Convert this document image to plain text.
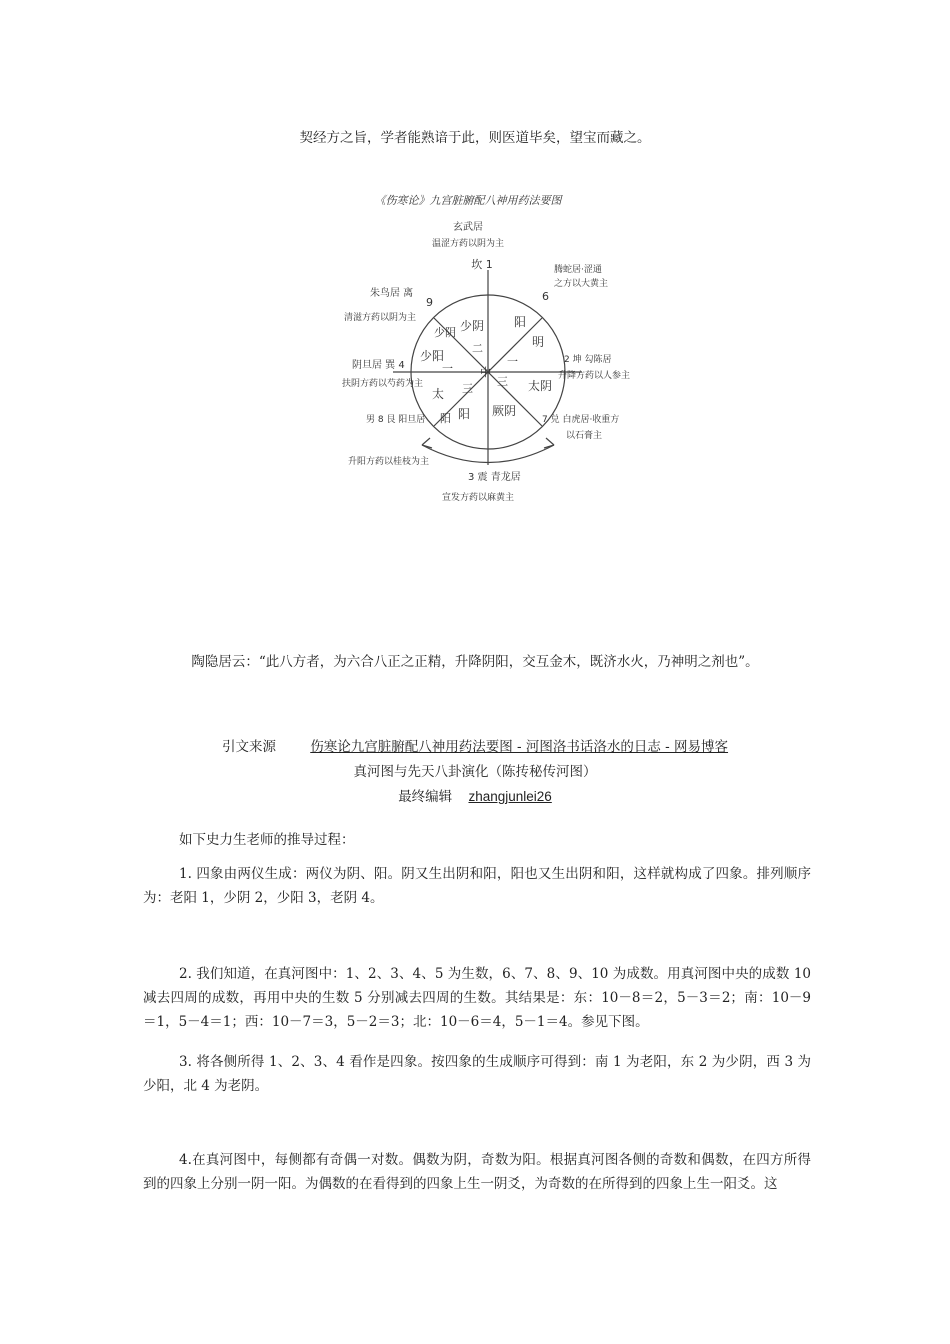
契经方之旨，学者能熟谙于此，则医道毕矣，望宝而藏之。
《伤寒论》九宫脏腑配八神用药法要图
玄武居
温涩方药以阴为主
坎 1
少阴
二
阳
明
一
太阴
三
厥阴
阳
三
太
阳
少阳
一
少阴
中
6
腾蛇居·涩通
之方以大黄主
9
朱鸟居 离
清滋方药以阴为主
阴旦居 巽 4
扶阴方药以芍药为主
2 坤 勾陈居
升降方药以人参主
7 兑 白虎居·收重方
以石膏主
男 8 艮 阳旦居
升阳方药以桂枝为主
3 震 青龙居
宣发方药以麻黄主
陶隐居云：“此八方者，为六合八正之正精，升降阴阳，交互金木，既济水火，乃神明之剂也”。
引文来源	伤寒论九宫脏腑配八神用药法要图 - 河图洛书话洛水的日志 - 网易博客
真河图与先天八卦演化（陈抟秘传河图）
最终编辑 zhangjunlei26
如下史力生老师的推导过程：
1. 四象由两仪生成：两仪为阴、阳。阴又生出阴和阳，阳也又生出阴和阳，这样就构成了四象。排列顺序为：老阳 1，少阴 2，少阳 3，老阴 4。
2. 我们知道，在真河图中：1、2、3、4、5 为生数，6、7、8、9、10 为成数。用真河图中央的成数 10 减去四周的成数，再用中央的生数 5 分别减去四周的生数。其结果是：东：10－8＝2，5－3＝2；南：10－9＝1，5－4＝1；西：10－7＝3，5－2＝3；北：10－6＝4，5－1＝4。参见下图。
3. 将各侧所得 1、2、3、4 看作是四象。按四象的生成顺序可得到：南 1 为老阳，东 2 为少阴，西 3 为少阳，北 4 为老阴。
4.在真河图中，每侧都有奇偶一对数。偶数为阴，奇数为阳。根据真河图各侧的奇数和偶数，在四方所得到的四象上分别一阴一阳。为偶数的在看得到的四象上生一阴爻，为奇数的在所得到的四象上生一阳爻。这
